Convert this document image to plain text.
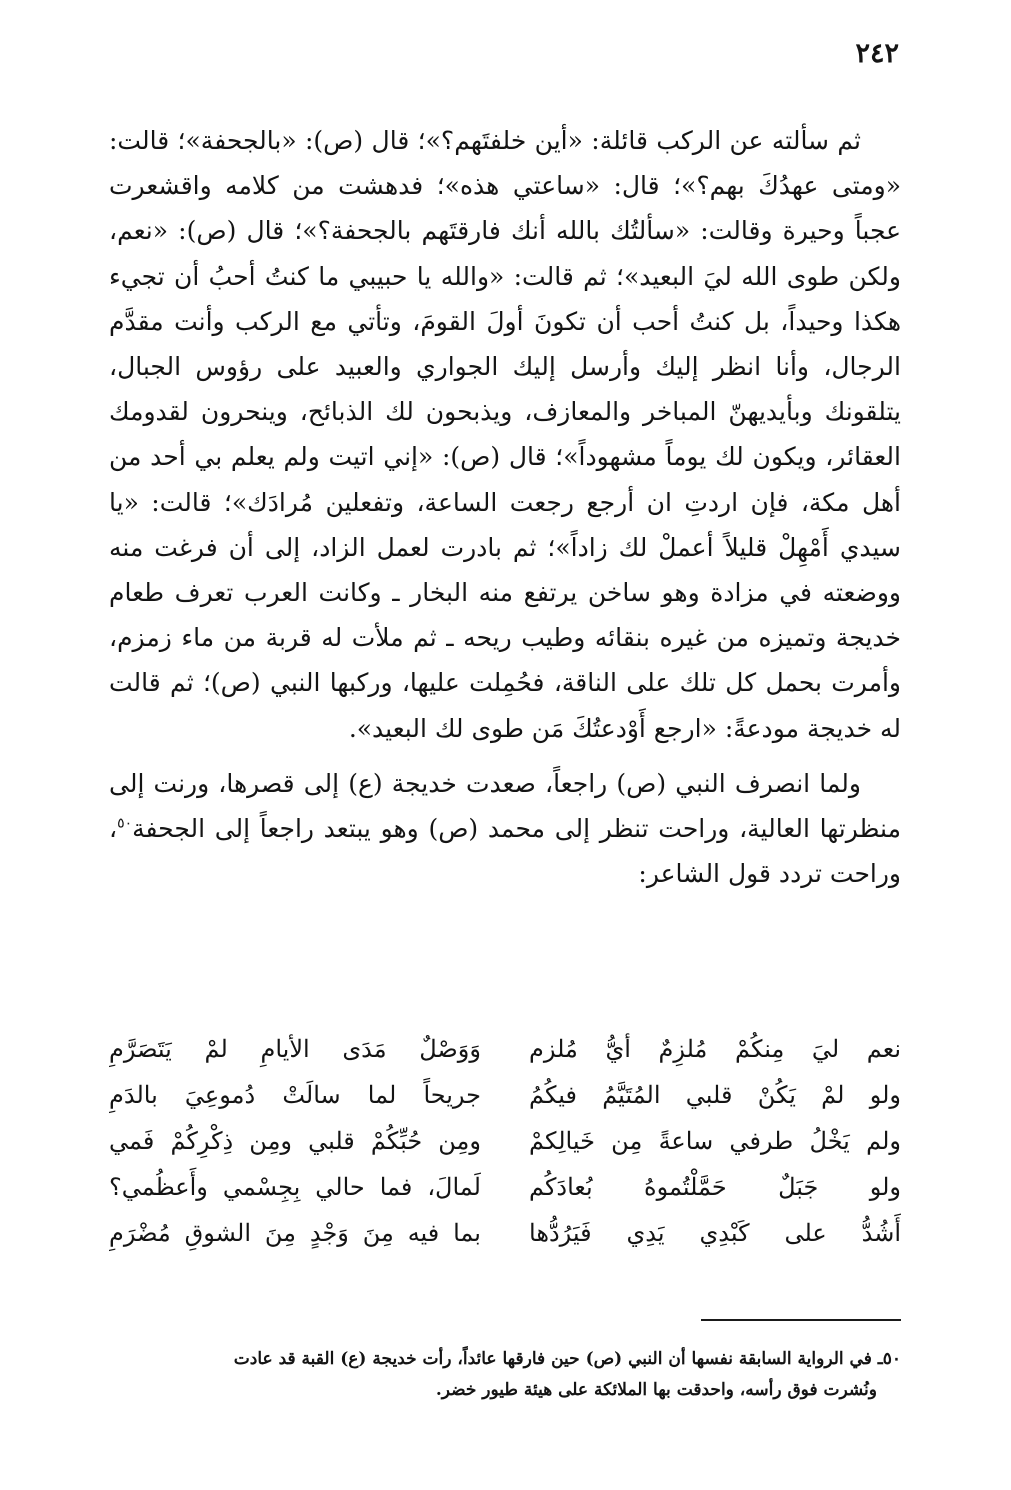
٢٤٢

ثم سألته عن الركب قائلة: «أين خلفتَهم؟»؛ قال (ص): «بالجحفة»؛ قالت: «ومتى عهدُكَ بهم؟»؛ قال: «ساعتي هذه»؛ فدهشت من كلامه واقشعرت عجباً وحيرة وقالت: «سألتُك بالله أنك فارقتَهم بالجحفة؟»؛ قال (ص): «نعم، ولكن طوى الله ليَ البعيد»؛ ثم قالت: «والله يا حبيبي ما كنتُ أحبُ أن تجيء هكذا وحيداً، بل كنتُ أحب أن تكونَ أولَ القومَ، وتأتي مع الركب وأنت مقدَّم الرجال، وأنا انظر إليك وأرسل إليك الجواري والعبيد على رؤوس الجبال، يتلقونك وبأيديهنّ المباخر والمعازف، ويذبحون لك الذبائح، وينحرون لقدومك العقائر، ويكون لك يوماً مشهوداً»؛ قال (ص): «إني اتيت ولم يعلم بي أحد من أهل مكة، فإن اردتِ ان أرجع رجعت الساعة، وتفعلين مُرادَك»؛ قالت: «يا سيدي أَمْهِلْ قليلاً أعملْ لك زاداً»؛ ثم بادرت لعمل الزاد، إلى أن فرغت منه ووضعته في مزادة وهو ساخن يرتفع منه البخار ـ وكانت العرب تعرف طعام خديجة وتميزه من غيره بنقائه وطيب ريحه ـ ثم ملأت له قربة من ماء زمزم، وأمرت بحمل كل تلك على الناقة، فحُمِلت عليها، وركبها النبي (ص)؛ ثم قالت له خديجة مودعةً: «ارجع أَوْدعتُكَ مَن طوى لك البعيد».

ولما انصرف النبي (ص) راجعاً، صعدت خديجة (ع) إلى قصرها، ورنت إلى منظرتها العالية، وراحت تنظر إلى محمد (ص) وهو يبتعد راجعاً إلى الجحفة$^{٥٠}$، وراحت تردد قول الشاعر:

نعم ليَ مِنكُمْ مُلزِمٌ أيُّ مُلزم
وَوَصْلٌ مَدَى الأيامِ لمْ يَتَصَرَّمِ
ولو لمْ يَكُنْ قلبي المُتَيَّمُ فيكُمُ
جريحاً لما سالَتْ دُموعِيَ بالدَمِ
ولم يَخْلُ طرفي ساعةً مِن خَيالِكمْ
ومِن حُبِّكُمْ قلبي ومِن ذِكْرِكُمْ فَمي
ولو جَبَلٌ حَمَّلْتُموهُ بُعادَكُم
لَمالَ، فما حالي بِجِسْمي وأَعظُمي؟
أَشُدُّ على كَبْدِي يَدِي فَيَرُدُّها
بما فيه مِنَ وَجْدٍ مِنَ الشوقِ مُضْرَمِ

٥٠ـ في الرواية السابقة نفسها أن النبي (ص) حين فارقها عائداً، رأت خديجة (ع) القبة قد عادت
ونُشرت فوق رأسه، واحدقت بها الملائكة على هيئة طيور خضر.
